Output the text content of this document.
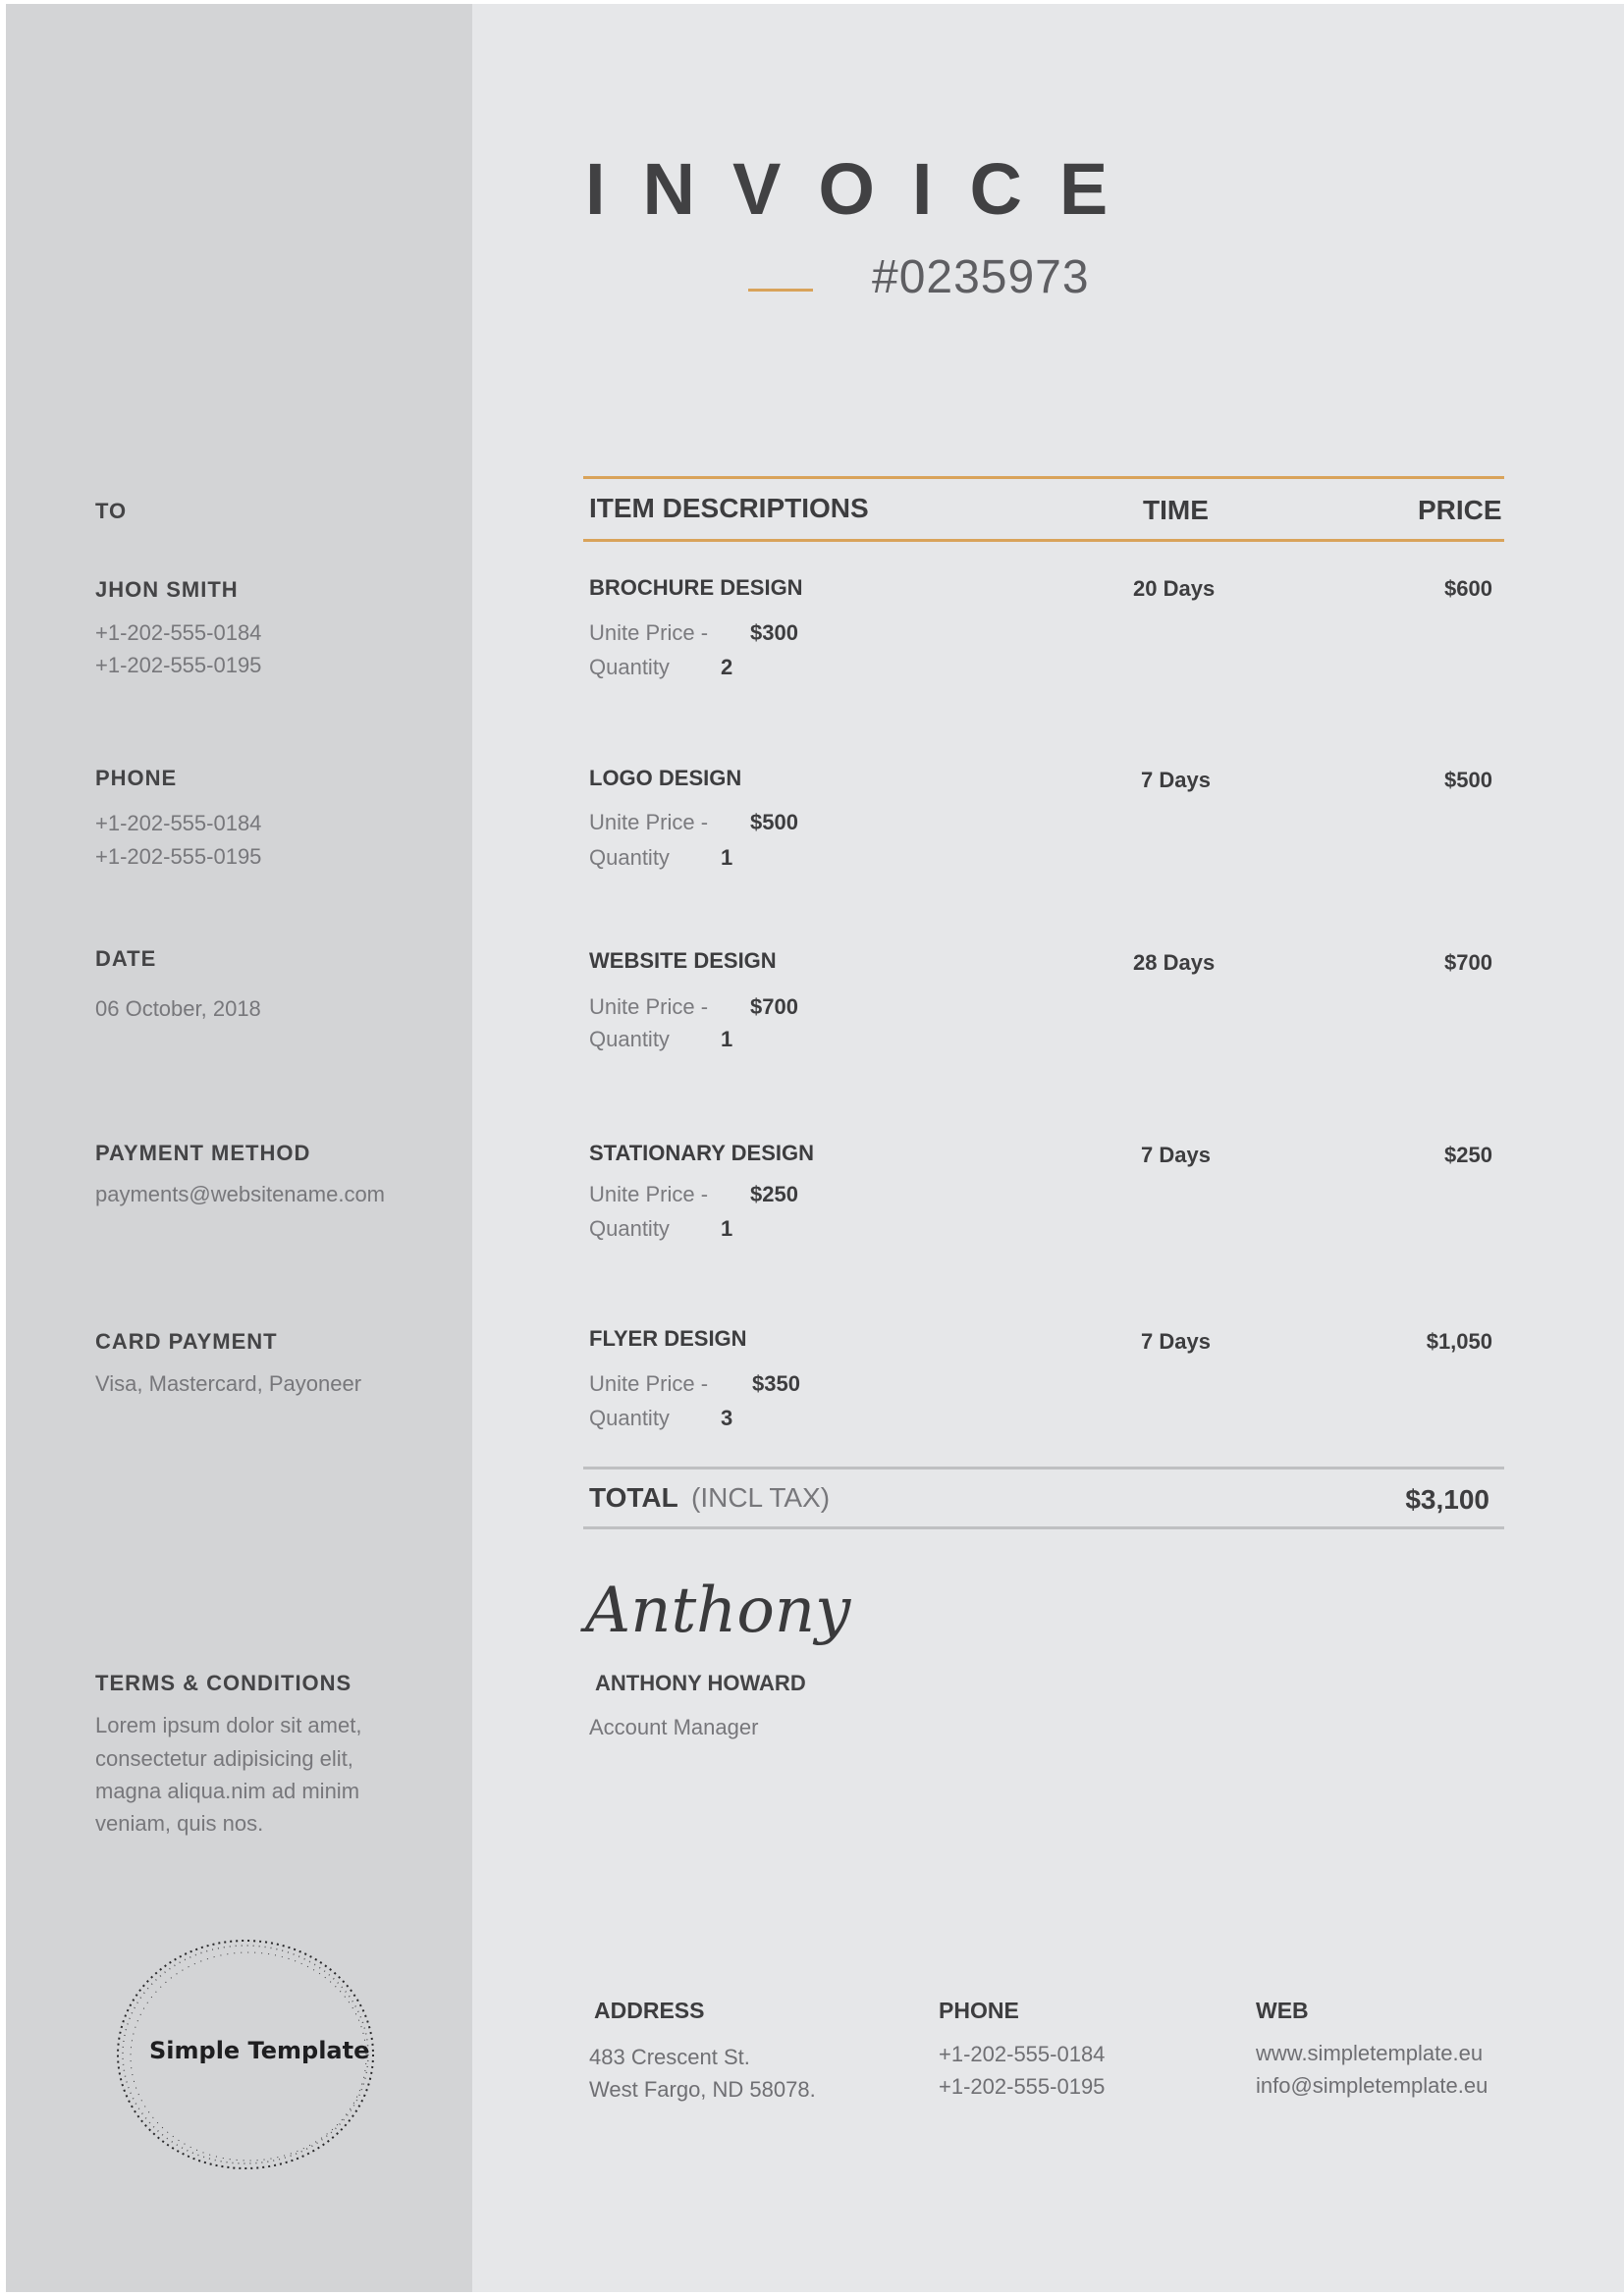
INVOICE
#0235973
TO
JHON SMITH
+1-202-555-0184
+1-202-555-0195
PHONE
+1-202-555-0184
+1-202-555-0195
DATE
06 October, 2018
PAYMENT METHOD
payments@websitename.com
CARD PAYMENT
Visa, Mastercard, Payoneer
TERMS & CONDITIONS
Lorem ipsum dolor sit amet,
consectetur adipisicing elit,
magna aliqua.nim ad minim
veniam, quis nos.
Simple Template
ITEM DESCRIPTIONS	TIME	PRICE
BROCHURE DESIGN	20 Days	$600
Unite Price - $300
Quantity 2
LOGO DESIGN	7 Days	$500
Unite Price - $500
Quantity 1
WEBSITE DESIGN	28 Days	$700
Unite Price - $700
Quantity 1
STATIONARY DESIGN	7 Days	$250
Unite Price - $250
Quantity 1
FLYER DESIGN	7 Days	$1,050
Unite Price - $350
Quantity 3
TOTAL (INCL TAX)	$3,100
Anthony
ANTHONY HOWARD
Account Manager
ADDRESS
483 Crescent St.
West Fargo, ND 58078.
PHONE
+1-202-555-0184
+1-202-555-0195
WEB
www.simpletemplate.eu
info@simpletemplate.eu
